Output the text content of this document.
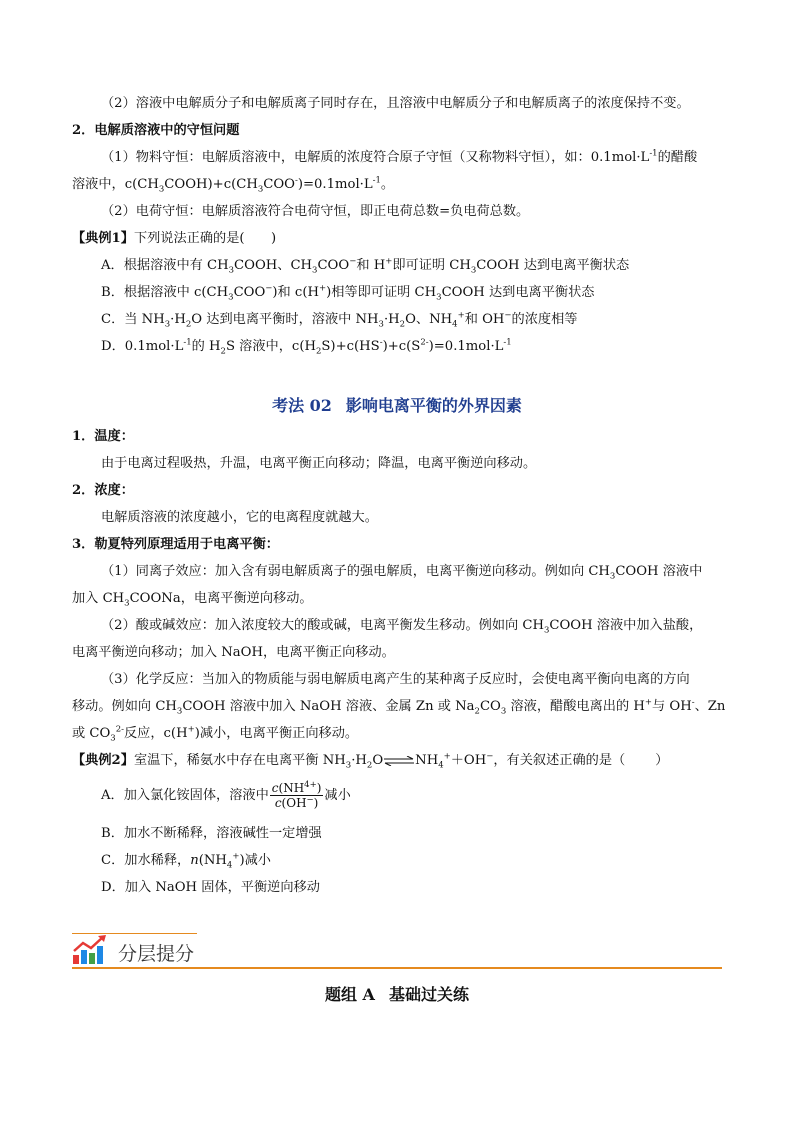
（2）溶液中电解质分子和电解质离子同时存在，且溶液中电解质分子和电解质离子的浓度保持不变。
2．电解质溶液中的守恒问题
（1）物料守恒：电解质溶液中，电解质的浓度符合原子守恒（又称物料守恒），如：$0.1mol\cdot L^{-1}$的醋酸
溶液中，$c(CH_3COOH)+c(CH_3COO^-)=0.1mol\cdot L^{-1}$。
（2）电荷守恒：电解质溶液符合电荷守恒，即正电荷总数=负电荷总数。
【典例1】下列说法正确的是(　　)
A．根据溶液中有 $CH_3COOH$、$CH_3COO^-$和 H+即可证明 $CH_3COOH$ 达到电离平衡状态
B．根据溶液中 $c(CH_3COO^-)$和 c(H+)相等即可证明 $CH_3COOH$ 达到电离平衡状态
C．当 $NH_3\cdot H_2O$ 达到电离平衡时，溶液中 $NH_3\cdot H_2O$、$NH_4^+$和 OH−的浓度相等
D．$0.1mol\cdot L^{-1}$的 $H_2S$ 溶液中，$c(H_2S)+c(HS^-)+c(S^{2-})=0.1mol\cdot L^{-1}$
考法 02 影响电离平衡的外界因素
1．温度：
由于电离过程吸热，升温，电离平衡正向移动；降温，电离平衡逆向移动。
2．浓度：
电解质溶液的浓度越小，它的电离程度就越大。
3．勒夏特列原理适用于电离平衡：
（1）同离子效应：加入含有弱电解质离子的强电解质，电离平衡逆向移动。例如向 $CH_3COOH$ 溶液中
加入 $CH_3COONa$，电离平衡逆向移动。
（2）酸或碱效应：加入浓度较大的酸或碱，电离平衡发生移动。例如向 $CH_3COOH$ 溶液中加入盐酸，
电离平衡逆向移动；加入 NaOH，电离平衡正向移动。
（3）化学反应：当加入的物质能与弱电解质电离产生的某种离子反应时，会使电离平衡向电离的方向
移动。例如向 $CH_3COOH$ 溶液中加入 NaOH 溶液、金属 Zn 或 $Na_2CO_3$ 溶液，醋酸电离出的 H+与 OH-、Zn
或 $CO_3^{2-}$反应，c(H+)减小，电离平衡正向移动。
【典例2】室温下，稀氨水中存在电离平衡 $NH_3\cdot H_2O\rightleftharpoons NH_4^++OH^-$，有关叙述正确的是（ ）
A．加入氯化铵固体，溶液中 $\frac{c(NH^{4+})}{c(OH^-)}$ 减小
B．加水不断稀释，溶液碱性一定增强
C．加水稀释，$n(NH_4^+)$减小
D．加入 NaOH 固体，平衡逆向移动
分层提分
题组 A 基础过关练
